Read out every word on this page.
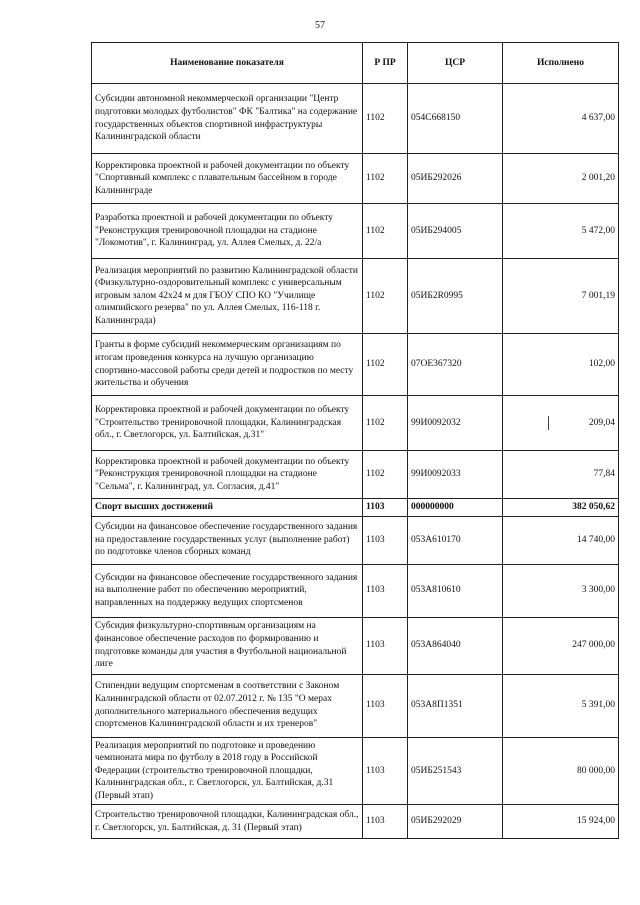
57
Наименование показателя	Р ПР	ЦСР	Исполнено
Субсидии автономной некоммерческой организации "Центр подготовки молодых футболистов" ФК "Балтика" на содержание государственных объектов спортивной инфраструктуры Калининградской области	1102	054С668150	4 637,00
Корректировка проектной и рабочей документации по объекту "Спортивный комплекс с плавательным бассейном в городе Калининграде	1102	05ИБ292026	2 001,20
Разработка проектной и рабочей документации по объекту "Реконструкция тренировочной площадки на стадионе "Локомотив", г. Калининград, ул. Аллея Смелых, д. 22/а	1102	05ИБ294005	5 472,00
Реализация мероприятий по развитию Калининградской области (Физкультурно-оздоровительный комплекс с универсальным игровым залом 42х24 м для ГБОУ СПО КО "Училище олимпийского резерва" по ул. Аллея Смелых, 116-118 г. Калининграда)	1102	05ИБ2R0995	7 001,19
Гранты в форме субсидий некоммерческим организациям по итогам проведения конкурса на лучшую организацию спортивно-массовой работы среди детей и подростков по месту жительства и обучения	1102	07ОЕ367320	102,00
Корректировка проектной и рабочей документации по объекту "Строительство тренировочной площадки, Калининградская обл., г. Светлогорск, ул. Балтийская, д.31"	1102	99И0092032	209,04
Корректировка проектной и рабочей документации по объекту "Реконструкция тренировочной площадки на стадионе "Сельма", г. Калининград, ул. Согласия, д.41"	1102	99И0092033	77,84
Спорт высших достижений	1103	000000000	382 050,62
Субсидии на финансовое обеспечение государственного задания на предоставление государственных услуг (выполнение работ) по подготовке членов сборных команд	1103	053А610170	14 740,00
Субсидии на финансовое обеспечение государственного задания на выполнение работ по обеспечению мероприятий, направленных на поддержку ведущих спортсменов	1103	053А810610	3 300,00
Субсидия физкультурно-спортивным организациям на финансовое обеспечение расходов по формированию и подготовке команды для участия в Футбольной национальной лиге	1103	053А864040	247 000,00
Стипендии ведущим спортсменам в соответствии с Законом Калининградской области от 02.07.2012 г. № 135 "О мерах дополнительного материального обеспечения ведущих спортсменов Калининградской области и их тренеров"	1103	053А8П1351	5 391,00
Реализация мероприятий по подготовке и проведению чемпионата мира по футболу в 2018 году в Российской Федерации (строительство тренировочной площадки, Калининградская обл., г. Светлогорск, ул. Балтийская, д.31 (Первый этап)	1103	05ИБ251543	80 000,00
Строительство тренировочной площадки, Калининградская обл., г. Светлогорск, ул. Балтийская, д. 31 (Первый этап)	1103	05ИБ292029	15 924,00
